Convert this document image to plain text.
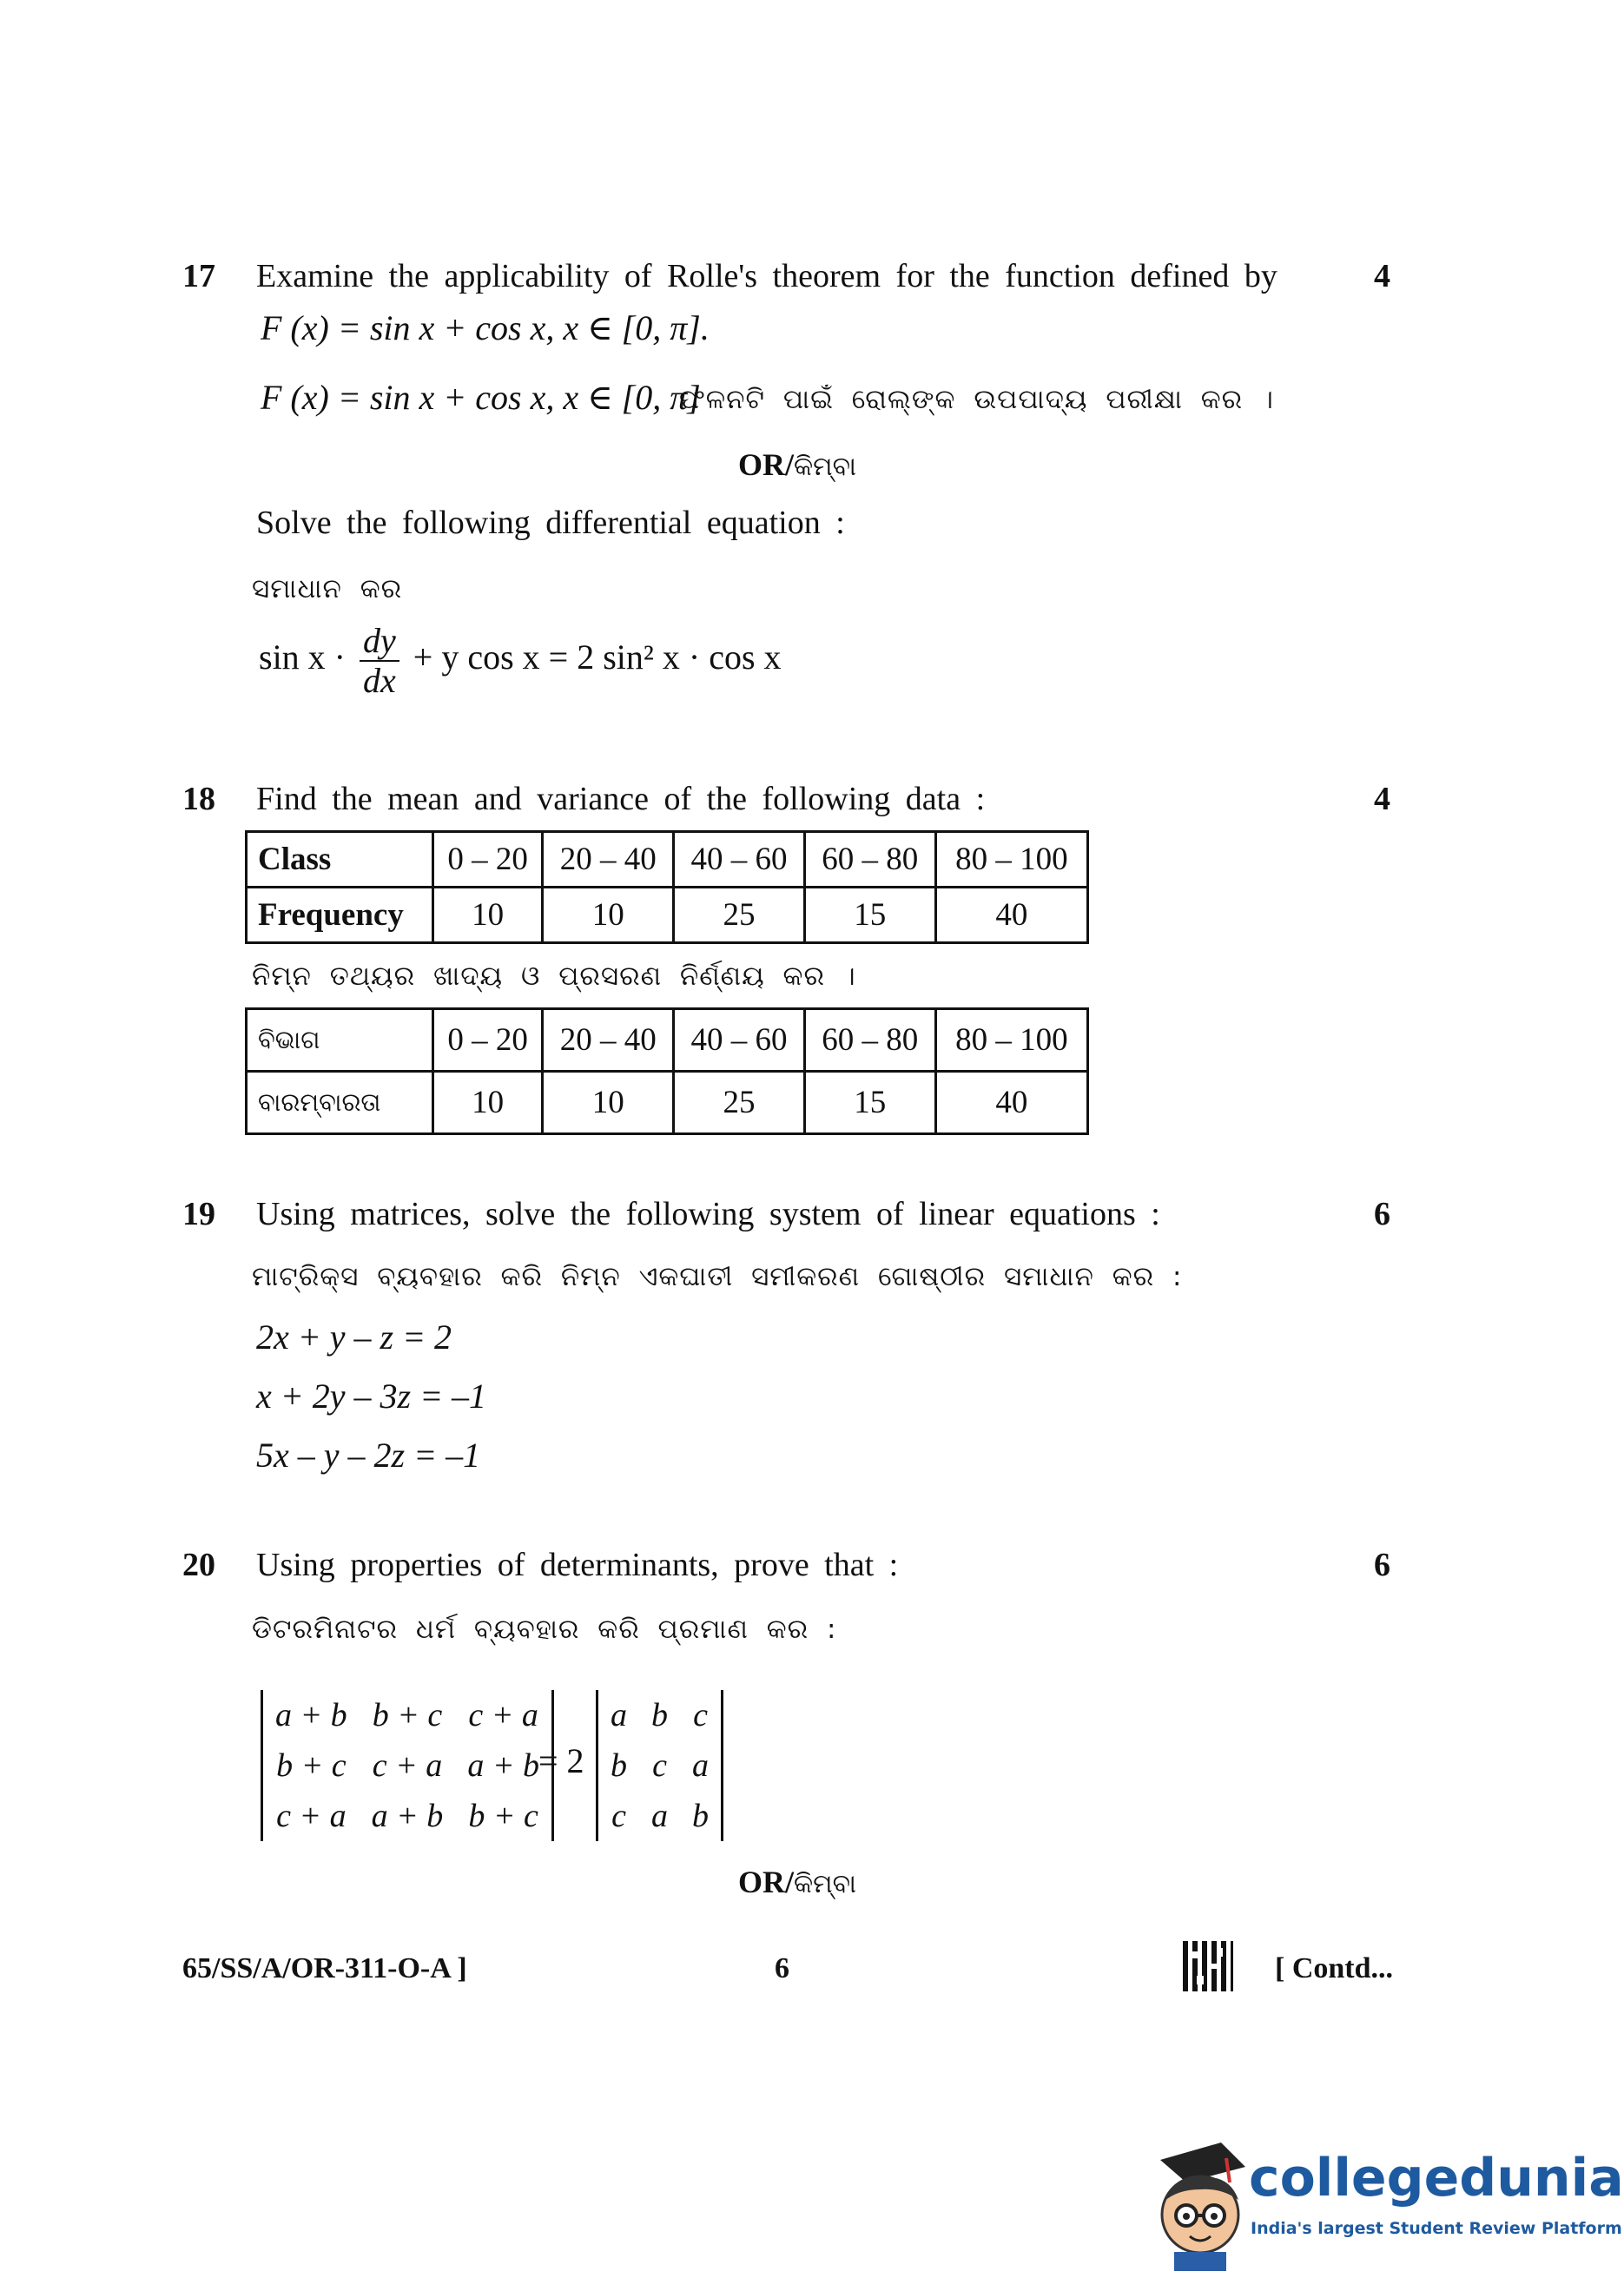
17 Examine the applicability of Rolle's theorem for the function defined by	4
F (x) = sin x + cos x, x ∈ [0, π].
F (x) = sin x + cos x, x ∈ [0, π]
ଫଳନଟି ପାଇଁ ରୋଲ୍‌ଙ୍କ ଉପପାଦ୍ୟ ପରୀକ୍ଷା କର ।
OR/କିମ୍ବା
Solve the following differential equation :
ସମାଧାନ କର
$\sin x \cdot \frac{dy}{dx} + y$ cos x = 2 sin² x · cos x
18 Find the mean and variance of the following data :	4
Class	0 – 20	20 – 40	40 – 60	60 – 80	80 – 100
Frequency	10	10	25	15	40
ନିମ୍ନ ତଥ୍ୟର ଖାଦ୍ୟ ଓ ପ୍ରସରଣ ନିର୍ଣ୍ଣୟ କର ।
ବିଭାଗ	0 – 20	20 – 40	40 – 60	60 – 80	80 – 100
ବାରମ୍ବାରତା	10	10	25	15	40
19 Using matrices, solve the following system of linear equations :	6
ମାଟ୍ରିକ୍ସ ବ୍ୟବହାର କରି ନିମ୍ନ ଏକଘାତୀ ସମୀକରଣ ଗୋଷ୍ଠୀର ସମାଧାନ କର :
2x + y – z = 2
x + 2y – 3z = –1
5x – y – 2z = –1
20 Using properties of determinants, prove that :	6
ଡିଟରମିନାଟର ଧର୍ମ ବ୍ୟବହାର କରି ପ୍ରମାଣ କର :
a + b	b + c	c + a
b + c	c + a	a + b
c + a	a + b	b + c
= 2
a	b	c
b	c	a
c	a	b
OR/କିମ୍ବା
65/SS/A/OR-311-O-A ]	6	[ Contd...
collegedunia
India's largest Student Review Platform
